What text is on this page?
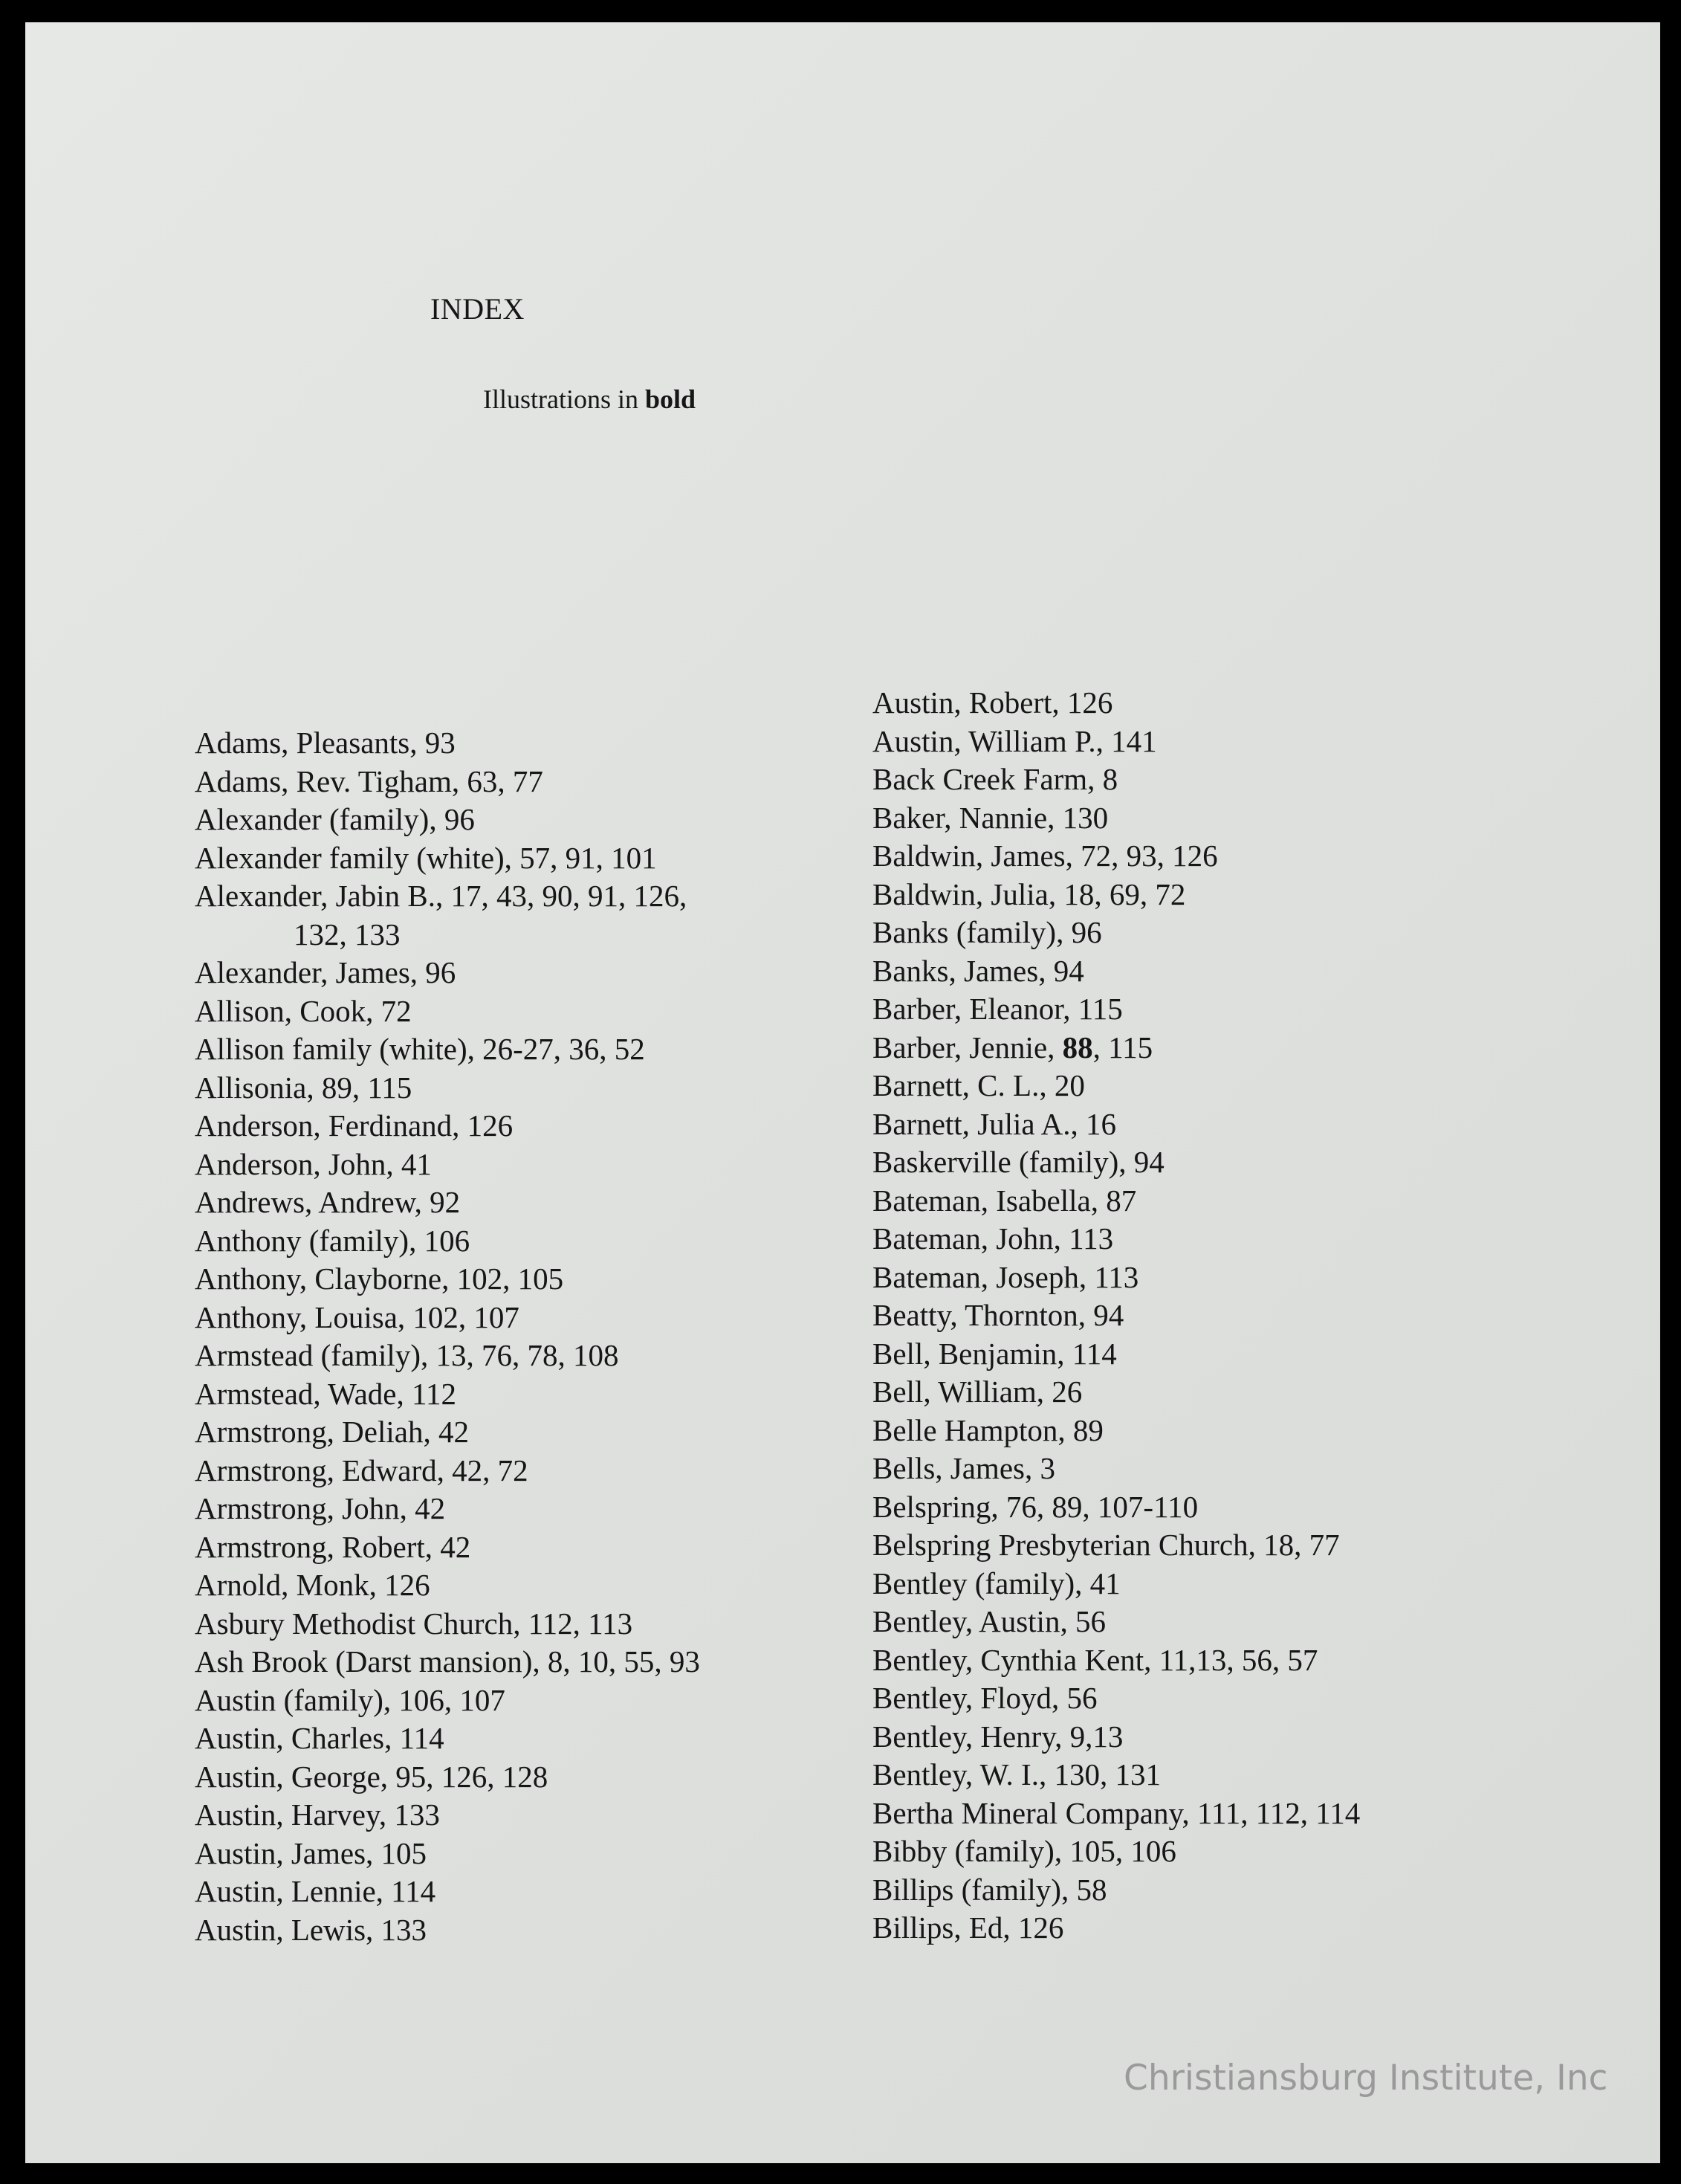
INDEX
Illustrations in bold
Adams, Pleasants, 93
Adams, Rev. Tigham, 63, 77
Alexander (family), 96
Alexander family (white), 57, 91, 101
Alexander, Jabin B., 17, 43, 90, 91, 126,
132, 133
Alexander, James, 96
Allison, Cook, 72
Allison family (white), 26-27, 36, 52
Allisonia, 89, 115
Anderson, Ferdinand, 126
Anderson, John, 41
Andrews, Andrew, 92
Anthony (family), 106
Anthony, Clayborne, 102, 105
Anthony, Louisa, 102, 107
Armstead (family), 13, 76, 78, 108
Armstead, Wade, 112
Armstrong, Deliah, 42
Armstrong, Edward, 42, 72
Armstrong, John, 42
Armstrong, Robert, 42
Arnold, Monk, 126
Asbury Methodist Church, 112, 113
Ash Brook (Darst mansion), 8, 10, 55, 93
Austin (family), 106, 107
Austin, Charles, 114
Austin, George, 95, 126, 128
Austin, Harvey, 133
Austin, James, 105
Austin, Lennie, 114
Austin, Lewis, 133
Austin, Robert, 126
Austin, William P., 141
Back Creek Farm, 8
Baker, Nannie, 130
Baldwin, James, 72, 93, 126
Baldwin, Julia, 18, 69, 72
Banks (family), 96
Banks, James, 94
Barber, Eleanor, 115
Barber, Jennie, 88, 115
Barnett, C. L., 20
Barnett, Julia A., 16
Baskerville (family), 94
Bateman, Isabella, 87
Bateman, John, 113
Bateman, Joseph, 113
Beatty, Thornton, 94
Bell, Benjamin, 114
Bell, William, 26
Belle Hampton, 89
Bells, James, 3
Belspring, 76, 89, 107-110
Belspring Presbyterian Church, 18, 77
Bentley (family), 41
Bentley, Austin, 56
Bentley, Cynthia Kent, 11,13, 56, 57
Bentley, Floyd, 56
Bentley, Henry, 9,13
Bentley, W. I., 130, 131
Bertha Mineral Company, 111, 112, 114
Bibby (family), 105, 106
Billips (family), 58
Billips, Ed, 126
Christiansburg Institute, Inc
